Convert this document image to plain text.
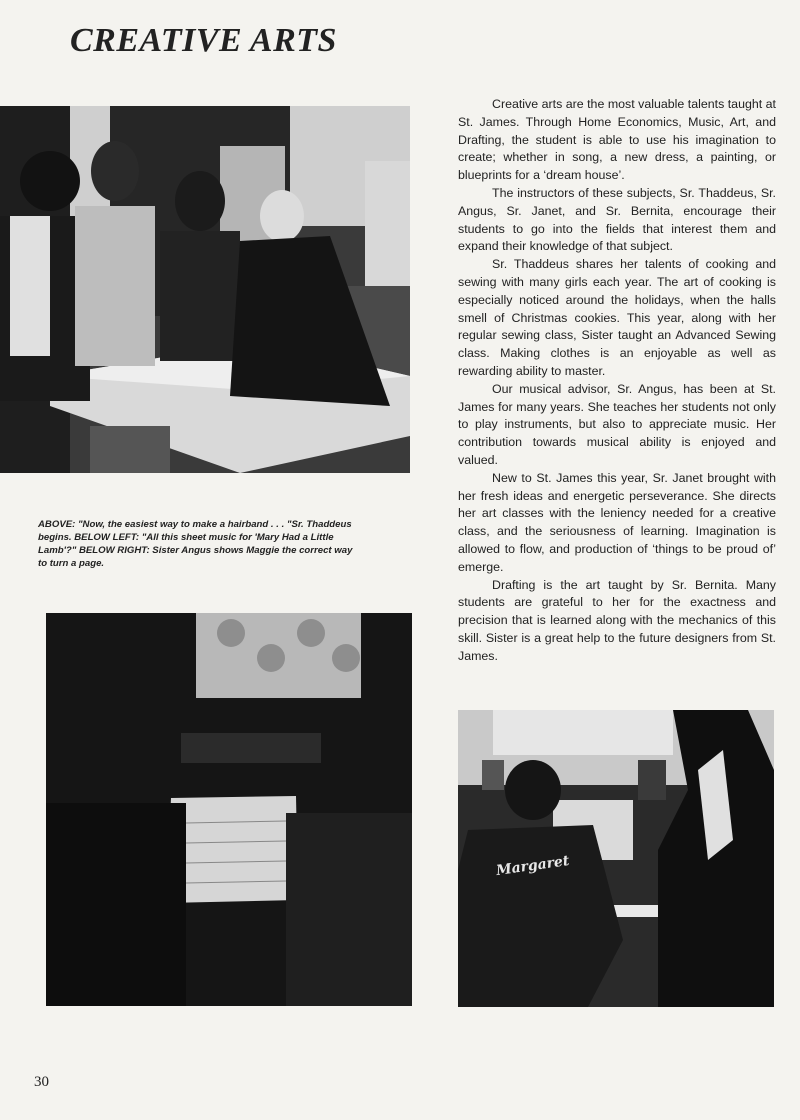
CREATIVE ARTS

Creative arts are the most valuable talents taught at St. James. Through Home Economics, Music, Art, and Drafting, the student is able to use his imagination to create; whether in song, a new dress, a painting, or blueprints for a ‘dream house’.

The instructors of these subjects, Sr. Thaddeus, Sr. Angus, Sr. Janet, and Sr. Bernita, encourage their students to go into the fields that interest them and expand their knowledge of that subject.

Sr. Thaddeus shares her talents of cooking and sewing with many girls each year. The art of cooking is especially noticed around the holidays, when the halls smell of Christmas cookies. This year, along with her regular sewing class, Sister taught an Advanced Sewing class. Making clothes is an enjoyable as well as rewarding ability to master.

Our musical advisor, Sr. Angus, has been at St. James for many years. She teaches her students not only to play instruments, but also to appreciate music. Her contribution towards musical ability is enjoyed and valued.

New to St. James this year, Sr. Janet brought with her fresh ideas and energetic perseverance. She directs her art classes with the leniency needed for a creative class, and the seriousness of learning. Imagination is allowed to flow, and production of ‘things to be proud of’ emerge.

Drafting is the art taught by Sr. Bernita. Many students are grateful to her for the exactness and precision that is learned along with the mechanics of this skill. Sister is a great help to the future designers from St. James.

ABOVE: "Now, the easiest way to make a hairband . . . "Sr. Thaddeus begins. BELOW LEFT: "All this sheet music for 'Mary Had a Little Lamb'?" BELOW RIGHT: Sister Angus shows Maggie the correct way to turn a page.

Margaret
30
